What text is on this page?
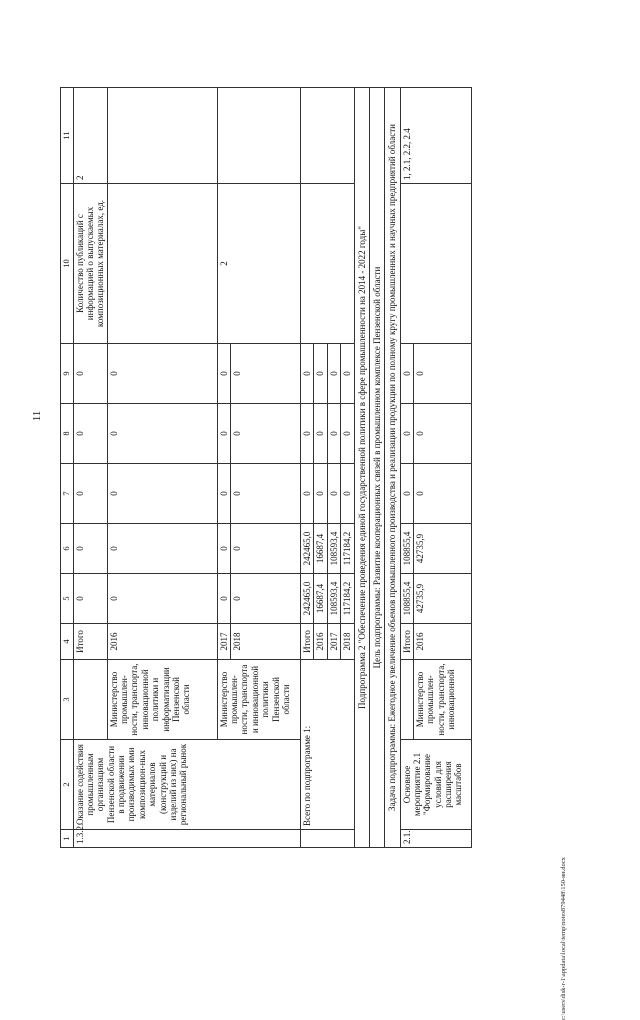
11
1	2	3	4	5	6	7	8	9	10	11
1.3.2.	Оказание содействия промышленным организациям Пензенской области в продвижении производимых ими композицион-ных материалов (конструкций и изделий из них) на региональный рынок		Итого	0	0	0	0	0	Количество публикаций с информацией о выпускаемых композиционных материалах, ед.	2
		Министерство промышлен-ности, транспорта, инновационной политики и информатизации Пензенской области	2016	0	0	0	0	0		
		Министерство промышлен-ности, транспорта и инновационной политики Пензенской области	2017	0	0	0	0	0	2	
			2018	0	0	0	0	0		
	Всего по подпрограмме 1:		Итого	242465,0	242465,0	0	0	0		
			2016	16687,4	16687,4	0	0	0		
			2017	108593,4	108593,4	0	0	0		
			2018	117184,2	117184,2	0	0	0		
Подпрограмма 2 "Обеспечение проведения единой государственной политики в сфере промышленности на 2014 - 2022 годы"										
Цель подпрограммы: Развитие кооперационных связей в промышленном комплексе Пензенской области										
Задача подпрограммы: Ежегодное увеличение объемов промышленного производства и реализации продукции по полному кругу промышленных и научных предприятий области										
2.1.	Основное мероприятие 2.1 "Формирование условий для расширения масштабов		Итого	108855,4	108855,4	0	0	0		1, 2.1, 2.2, 2.4
		Министерство промышлен-ности, транспорта, инновационной	2016	42735,9	42735,9	0	0	0		
c:\users\disk-r-1\appdata\local\temp\notes879448\150-ян.docx
